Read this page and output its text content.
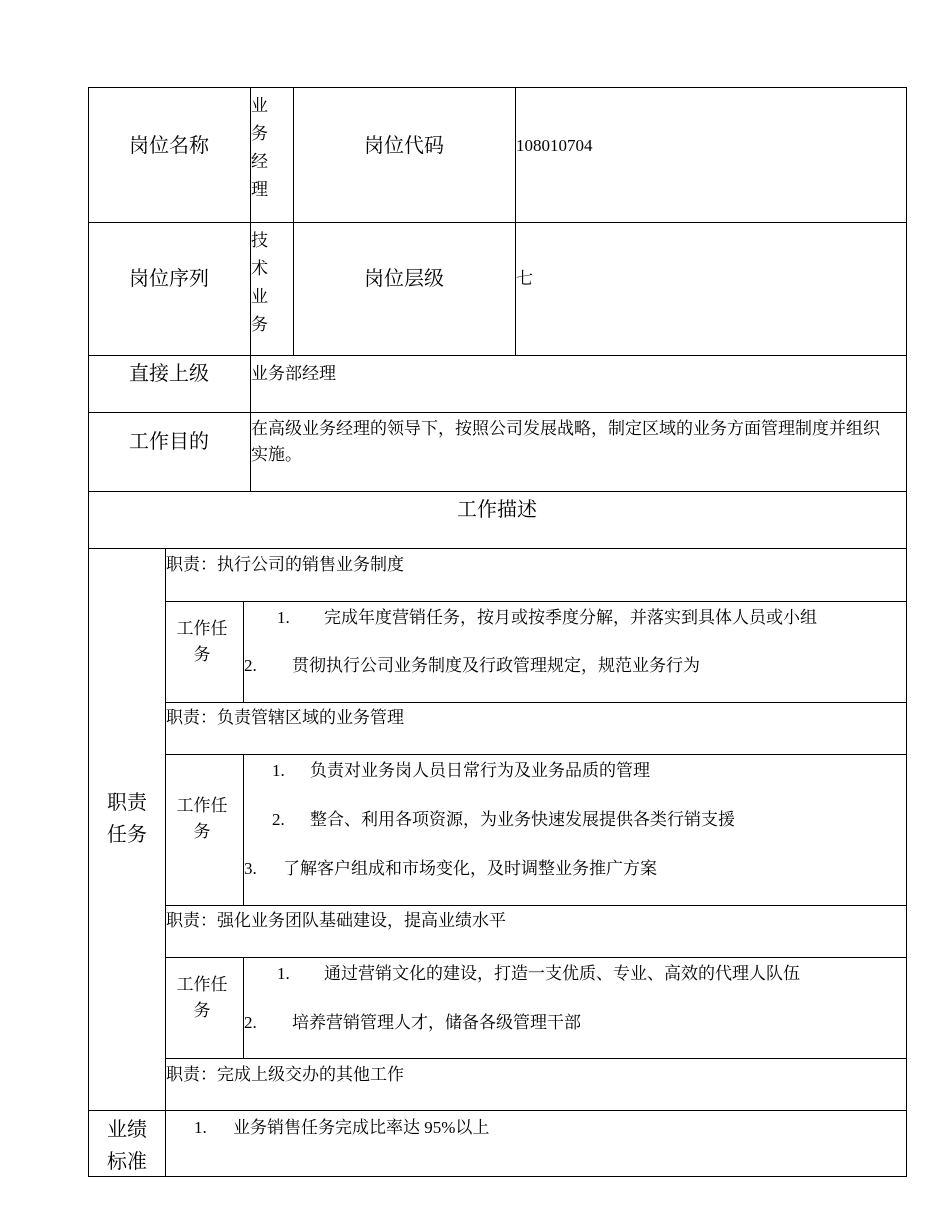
岗位名称
业务经理
岗位代码	108010704
岗位序列
技术业务
岗位层级	七
直接上级 业务部经理
工作目的
在高级业务经理的领导下，按照公司发展战略，制定区域的业务方面管理制度并组织实施。
工作描述
职责
任务
职责：执行公司的销售业务制度
工作任
务
1. 完成年度营销任务，按月或按季度分解，并落实到具体人员或小组
2. 贯彻执行公司业务制度及行政管理规定，规范业务行为
职责：负责管辖区域的业务管理
工作任
务
1. 负责对业务岗人员日常行为及业务品质的管理
2. 整合、利用各项资源，为业务快速发展提供各类行销支援
3. 了解客户组成和市场变化，及时调整业务推广方案
职责：强化业务团队基础建设，提高业绩水平
工作任
务
1. 通过营销文化的建设，打造一支优质、专业、高效的代理人队伍
2. 培养营销管理人才，储备各级管理干部
职责：完成上级交办的其他工作
业绩
标准
1. 业务销售任务完成比率达 95%以上
